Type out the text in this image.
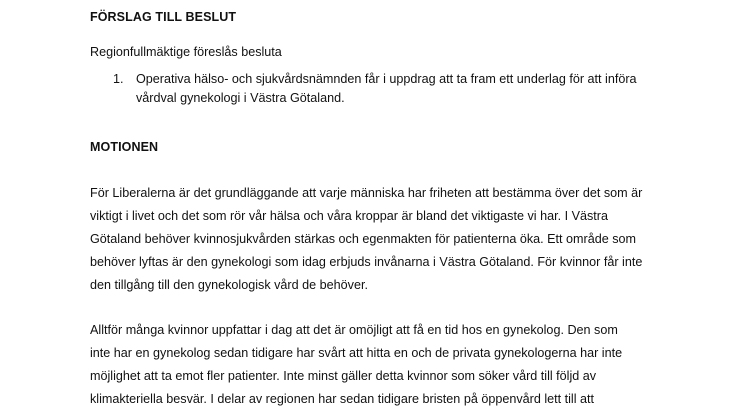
FÖRSLAG TILL BESLUT
Regionfullmäktige föreslås besluta
1. Operativa hälso- och sjukvårdsnämnden får i uppdrag att ta fram ett underlag för att införa
vårdval gynekologi i Västra Götaland.
MOTIONEN
För Liberalerna är det grundläggande att varje människa har friheten att bestämma över det som är
viktigt i livet och det som rör vår hälsa och våra kroppar är bland det viktigaste vi har. I Västra
Götaland behöver kvinnosjukvården stärkas och egenmakten för patienterna öka. Ett område som
behöver lyftas är den gynekologi som idag erbjuds invånarna i Västra Götaland. För kvinnor får inte
den tillgång till den gynekologisk vård de behöver.
Alltför många kvinnor uppfattar i dag att det är omöjligt att få en tid hos en gynekolog. Den som
inte har en gynekolog sedan tidigare har svårt att hitta en och de privata gynekologerna har inte
möjlighet att ta emot fler patienter. Inte minst gäller detta kvinnor som söker vård till följd av
klimakteriella besvär. I delar av regionen har sedan tidigare bristen på öppenvård lett till att
